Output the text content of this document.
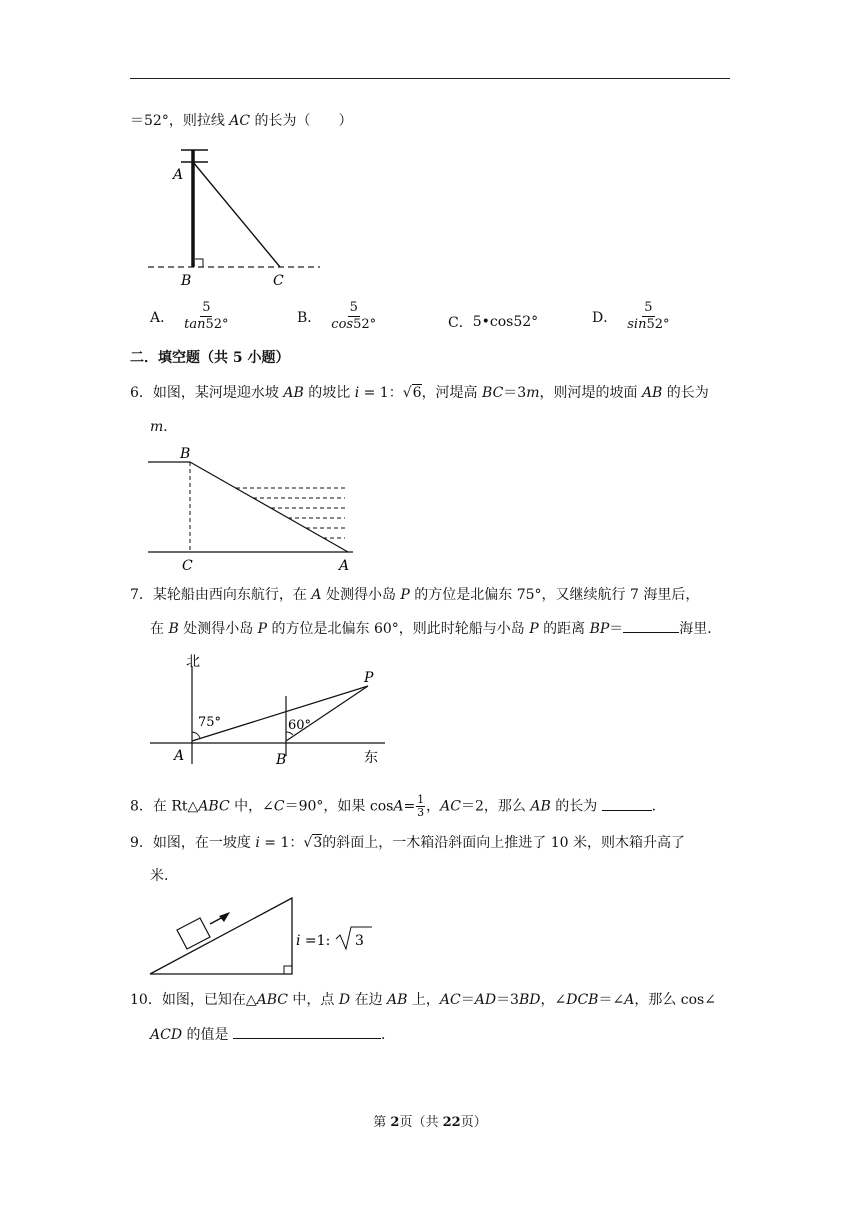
＝52°，则拉线 AC 的长为（　　）
A
B	C
A． $\frac{5}{\tan 52^\circ}$	B． $\frac{5}{\cos 52^\circ}$	C． 5•cos52°	D． $\frac{5}{\sin 52^\circ}$
二．填空题（共 5 小题）
6．如图，某河堤迎水坡 AB 的坡比 i = 1：√6，河堤高 BC＝3m，则河堤的坡面 AB 的长为
m．
B
C	A
7．某轮船由西向东航行，在 A 处测得小岛 P 的方位是北偏东 75°，又继续航行 7 海里后，
在 B 处测得小岛 P 的方位是北偏东 60°，则此时轮船与小岛 P 的距离 BP＝	海里．
北
东
P
A	B
75°	60°
8．在 Rt△ABC 中，∠C＝90°，如果 $\cos A= \frac{1}{3}$ ，AC＝2，那么 AB 的长为	．
9．如图，在一坡度 i = 1：√3的斜面上，一木箱沿斜面向上推进了 10 米，则木箱升高了
米．
i =1: 3
10．如图，已知在△ABC 中，点 D 在边 AB 上，AC＝AD＝3BD，∠DCB＝∠A，那么 cos∠
ACD 的值是	．
第 2页（共 22页）
